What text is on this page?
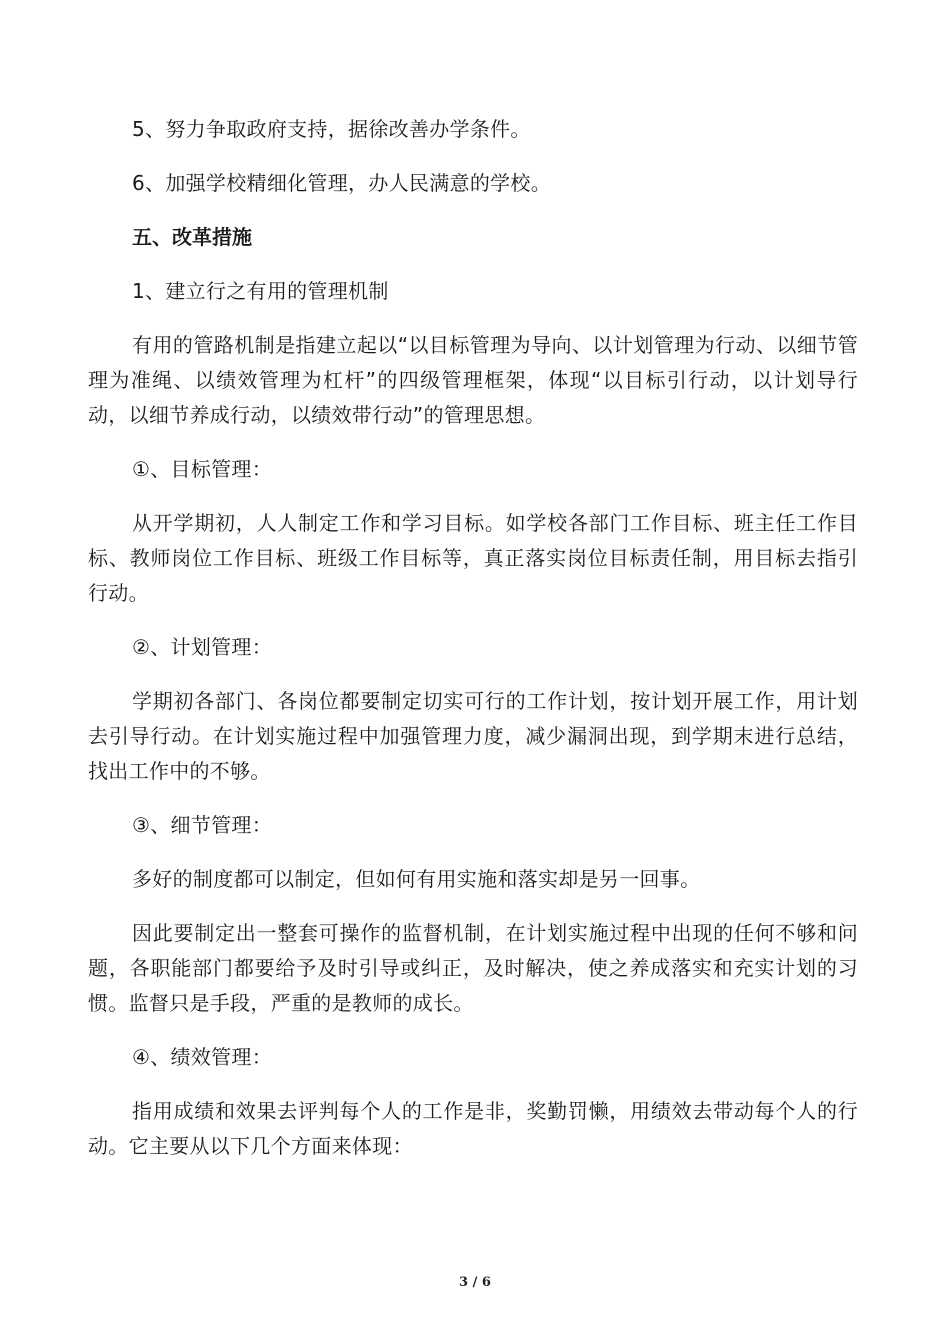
5、努力争取政府支持，据徐改善办学条件。

6、加强学校精细化管理，办人民满意的学校。

五、改革措施

1、建立行之有用的管理机制

有用的管路机制是指建立起以“以目标管理为导向、以计划管理为行动、以细节管理为准绳、以绩效管理为杠杆”的四级管理框架，体现“以目标引行动，以计划导行动，以细节养成行动，以绩效带行动”的管理思想。

①、目标管理：

从开学期初，人人制定工作和学习目标。如学校各部门工作目标、班主任工作目标、教师岗位工作目标、班级工作目标等，真正落实岗位目标责任制，用目标去指引行动。

②、计划管理：

学期初各部门、各岗位都要制定切实可行的工作计划，按计划开展工作，用计划去引导行动。在计划实施过程中加强管理力度，减少漏洞出现，到学期末进行总结，找出工作中的不够。

③、细节管理：

多好的制度都可以制定，但如何有用实施和落实却是另一回事。

因此要制定出一整套可操作的监督机制，在计划实施过程中出现的任何不够和问题，各职能部门都要给予及时引导或纠正，及时解决，使之养成落实和充实计划的习惯。监督只是手段，严重的是教师的成长。

④、绩效管理：

指用成绩和效果去评判每个人的工作是非，奖勤罚懒，用绩效去带动每个人的行动。它主要从以下几个方面来体现：

3 / 6
